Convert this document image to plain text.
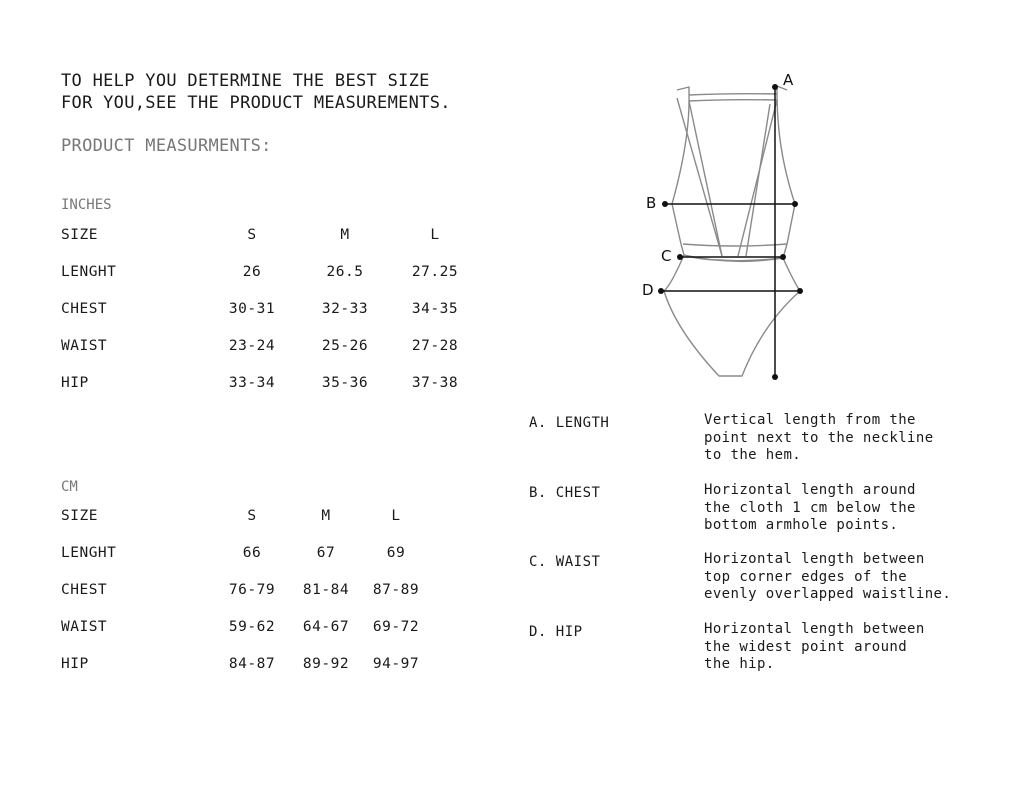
TO HELP YOU DETERMINE THE BEST SIZE
FOR YOU,SEE THE PRODUCT MEASUREMENTS.
PRODUCT MEASURMENTS:
INCHES
SIZE	S	M	L
LENGHT	26	26.5	27.25
CHEST	30-31	32-33	34-35
WAIST	23-24	25-26	27-28
HIP	33-34	35-36	37-38
CM
SIZE	S	M	L
LENGHT	66	67	69
CHEST	76-79 81-84 87-89
WAIST	59-62 64-67 69-72
HIP	84-87 89-92 94-97
A
B
C
D
A. LENGTH	Vertical length from the
point next to the neckline
to the hem.
B. CHEST	Horizontal length around
the cloth 1 cm below the
bottom armhole points.
C. WAIST	Horizontal length between
top corner edges of the
evenly overlapped waistline.
D. HIP	Horizontal length between
the widest point around
the hip.
